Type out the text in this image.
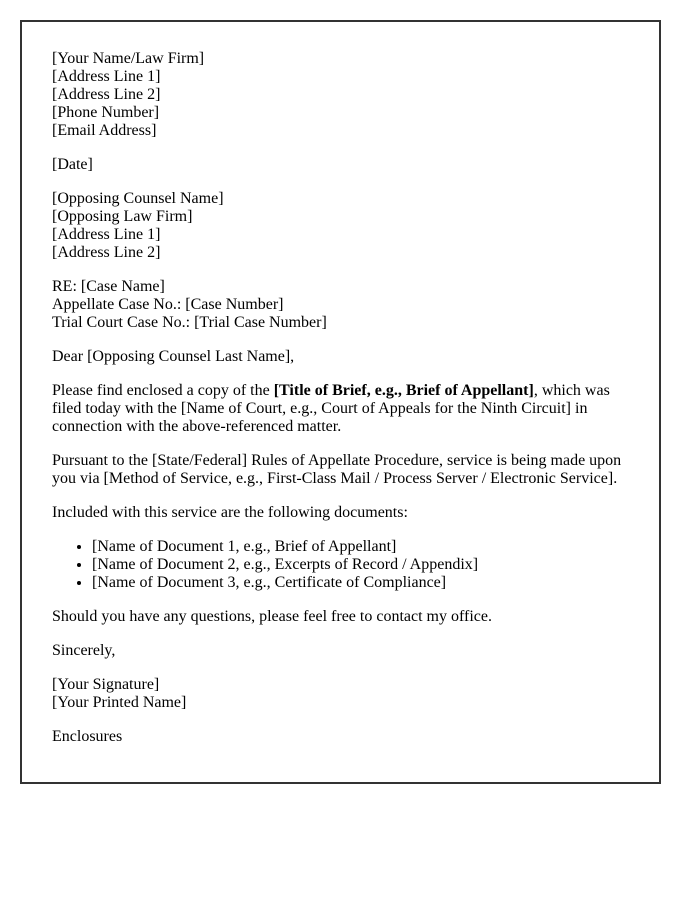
[Your Name/Law Firm]
[Address Line 1]
[Address Line 2]
[Phone Number]
[Email Address]

[Date]

[Opposing Counsel Name]
[Opposing Law Firm]
[Address Line 1]
[Address Line 2]

RE: [Case Name]
Appellate Case No.: [Case Number]
Trial Court Case No.: [Trial Case Number]

Dear [Opposing Counsel Last Name],

Please find enclosed a copy of the [Title of Brief, e.g., Brief of Appellant], which was filed today with the [Name of Court, e.g., Court of Appeals for the Ninth Circuit] in connection with the above-referenced matter.

Pursuant to the [State/Federal] Rules of Appellate Procedure, service is being made upon you via [Method of Service, e.g., First-Class Mail / Process Server / Electronic Service].

Included with this service are the following documents:

• [Name of Document 1, e.g., Brief of Appellant]
• [Name of Document 2, e.g., Excerpts of Record / Appendix]
• [Name of Document 3, e.g., Certificate of Compliance]

Should you have any questions, please feel free to contact my office.

Sincerely,

[Your Signature]
[Your Printed Name]

Enclosures
